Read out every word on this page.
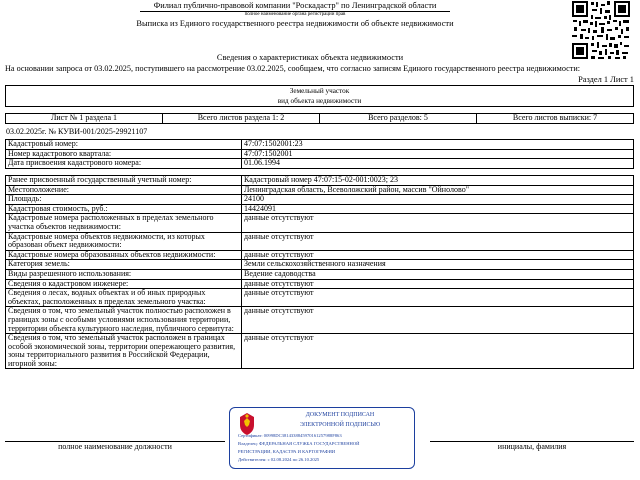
Филиал публично-правовой компании "Роскадастр" по Ленинградской области
полное наименование органа регистрации прав
Выписка из Единого государственного реестра недвижимости об объекте недвижимости
Сведения о характеристиках объекта недвижимости
На основании запроса от 03.02.2025, поступившего на рассмотрение 03.02.2025, сообщаем, что согласно записям Единого государственного реестра недвижимости:
Раздел 1 Лист 1
Земельный участок
вид объекта недвижимости
Лист № 1 раздела 1	Всего листов раздела 1: 2	Всего разделов: 5	Всего листов выписки: 7
03.02.2025г. № КУВИ-001/2025-29921107
Кадастровый номер:	47:07:1502001:23
Номер кадастрового квартала:	47:07:1502001
Дата присвоения кадастрового номера:	01.06.1994
Ранее присвоенный государственный учетный номер:	Кадастровый номер 47:07:15-02-001:0023; 23
Местоположение:	Ленинградская область, Всеволожский район, массив "Ойнолово"
Площадь:	24100
Кадастровая стоимость, руб.:	14424091
Кадастровые номера расположенных в пределах земельного участка объектов недвижимости:	данные отсутствуют
Кадастровые номера объектов недвижимости, из которых образован объект недвижимости:	данные отсутствуют
Кадастровые номера образованных объектов недвижимости:	данные отсутствуют
Категория земель:	Земли сельскохозяйственного назначения
Виды разрешенного использования:	Ведение садоводства
Сведения о кадастровом инженере:	данные отсутствуют
Сведения о лесах, водных объектах и об иных природных объектах, расположенных в пределах земельного участка:	данные отсутствуют
Сведения о том, что земельный участок полностью расположен в границах зоны с особыми условиями использования территории, территории объекта культурного наследия, публичного сервитута:	данные отсутствуют
Сведения о том, что земельный участок расположен в границах особой экономической зоны, территории опережающего развития, зоны территориального развития в Российской Федерации, игорной зоны:	данные отсутствуют
полное наименование должности	инициалы, фамилия
ДОКУМЕНТ ПОДПИСАН
ЭЛЕКТРОННОЙ ПОДПИСЬЮ
Сертификат: 00998DC3814338845970161257988F863
Владелец: ФЕДЕРАЛЬНАЯ СЛУЖБА ГОСУДАРСТВЕННОЙ
РЕГИСТРАЦИИ, КАДАСТРА И КАРТОГРАФИИ
Действителен: с 02.08.2024 по 26.10.2025
